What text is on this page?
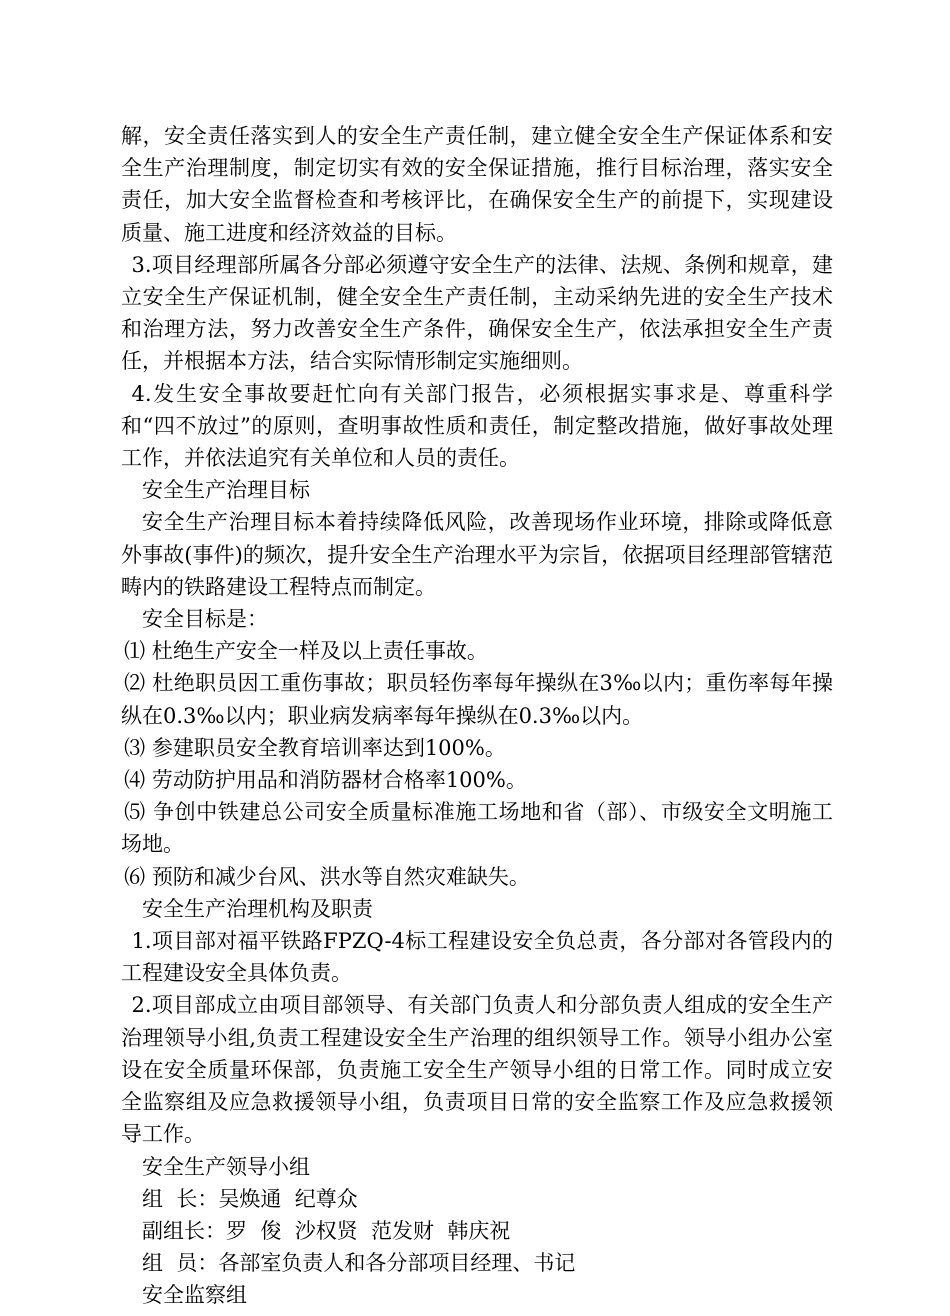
解，安全责任落实到人的安全生产责任制，建立健全安全生产保证体系和安全生产治理制度，制定切实有效的安全保证措施，推行目标治理，落实安全责任，加大安全监督检查和考核评比，在确保安全生产的前提下，实现建设质量、施工进度和经济效益的目标。

3.项目经理部所属各分部必须遵守安全生产的法律、法规、条例和规章，建立安全生产保证机制，健全安全生产责任制，主动采纳先进的安全生产技术和治理方法，努力改善安全生产条件，确保安全生产，依法承担安全生产责任，并根据本方法，结合实际情形制定实施细则。

4.发生安全事故要赶忙向有关部门报告，必须根据实事求是、尊重科学和“四不放过”的原则，查明事故性质和责任，制定整改措施，做好事故处理工作，并依法追究有关单位和人员的责任。

安全生产治理目标

安全生产治理目标本着持续降低风险，改善现场作业环境，排除或降低意外事故(事件)的频次，提升安全生产治理水平为宗旨，依据项目经理部管辖范畴内的铁路建设工程特点而制定。

安全目标是：

⑴ 杜绝生产安全一样及以上责任事故。

⑵ 杜绝职员因工重伤事故；职员轻伤率每年操纵在3‰以内；重伤率每年操纵在0.3‰以内；职业病发病率每年操纵在0.3‰以内。

⑶ 参建职员安全教育培训率达到100%。

⑷ 劳动防护用品和消防器材合格率100%。

⑸ 争创中铁建总公司安全质量标准施工场地和省（部）、市级安全文明施工场地。

⑹ 预防和减少台风、洪水等自然灾难缺失。

安全生产治理机构及职责

1.项目部对福平铁路FPZQ-4标工程建设安全负总责，各分部对各管段内的工程建设安全具体负责。

2.项目部成立由项目部领导、有关部门负责人和分部负责人组成的安全生产治理领导小组,负责工程建设安全生产治理的组织领导工作。领导小组办公室设在安全质量环保部，负责施工安全生产领导小组的日常工作。同时成立安全监察组及应急救援领导小组，负责项目日常的安全监察工作及应急救援领导工作。

安全生产领导小组

组  长：吴焕通  纪尊众

副组长：罗  俊  沙权贤  范发财  韩庆祝

组  员：各部室负责人和各分部项目经理、书记

安全监察组
